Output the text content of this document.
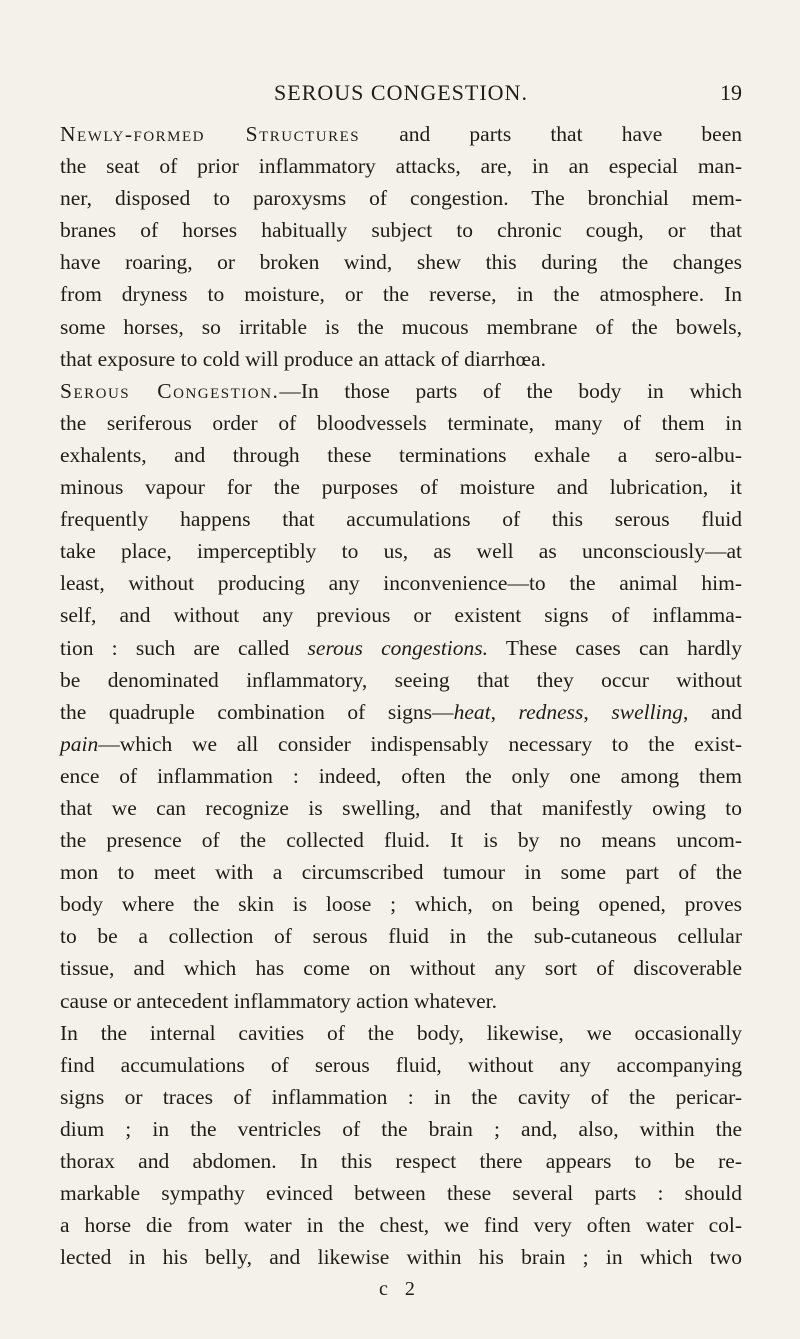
SEROUS CONGESTION.	19
Newly-formed Structures and parts that have been
the seat of prior inflammatory attacks, are, in an especial man-
ner, disposed to paroxysms of congestion. The bronchial mem-
branes of horses habitually subject to chronic cough, or that
have roaring, or broken wind, shew this during the changes
from dryness to moisture, or the reverse, in the atmosphere. In
some horses, so irritable is the mucous membrane of the bowels,
that exposure to cold will produce an attack of diarrhœa.
Serous Congestion.—In those parts of the body in which
the seriferous order of bloodvessels terminate, many of them in
exhalents, and through these terminations exhale a sero-albu-
minous vapour for the purposes of moisture and lubrication, it
frequently happens that accumulations of this serous fluid
take place, imperceptibly to us, as well as unconsciously—at
least, without producing any inconvenience—to the animal him-
self, and without any previous or existent signs of inflamma-
tion : such are called serous congestions. These cases can hardly
be denominated inflammatory, seeing that they occur without
the quadruple combination of signs—heat, redness, swelling, and
pain—which we all consider indispensably necessary to the exist-
ence of inflammation : indeed, often the only one among them
that we can recognize is swelling, and that manifestly owing to
the presence of the collected fluid. It is by no means uncom-
mon to meet with a circumscribed tumour in some part of the
body where the skin is loose ; which, on being opened, proves
to be a collection of serous fluid in the sub-cutaneous cellular
tissue, and which has come on without any sort of discoverable
cause or antecedent inflammatory action whatever.
In the internal cavities of the body, likewise, we occasionally
find accumulations of serous fluid, without any accompanying
signs or traces of inflammation : in the cavity of the pericar-
dium ; in the ventricles of the brain ; and, also, within the
thorax and abdomen. In this respect there appears to be re-
markable sympathy evinced between these several parts : should
a horse die from water in the chest, we find very often water col-
lected in his belly, and likewise within his brain ; in which two
c 2
